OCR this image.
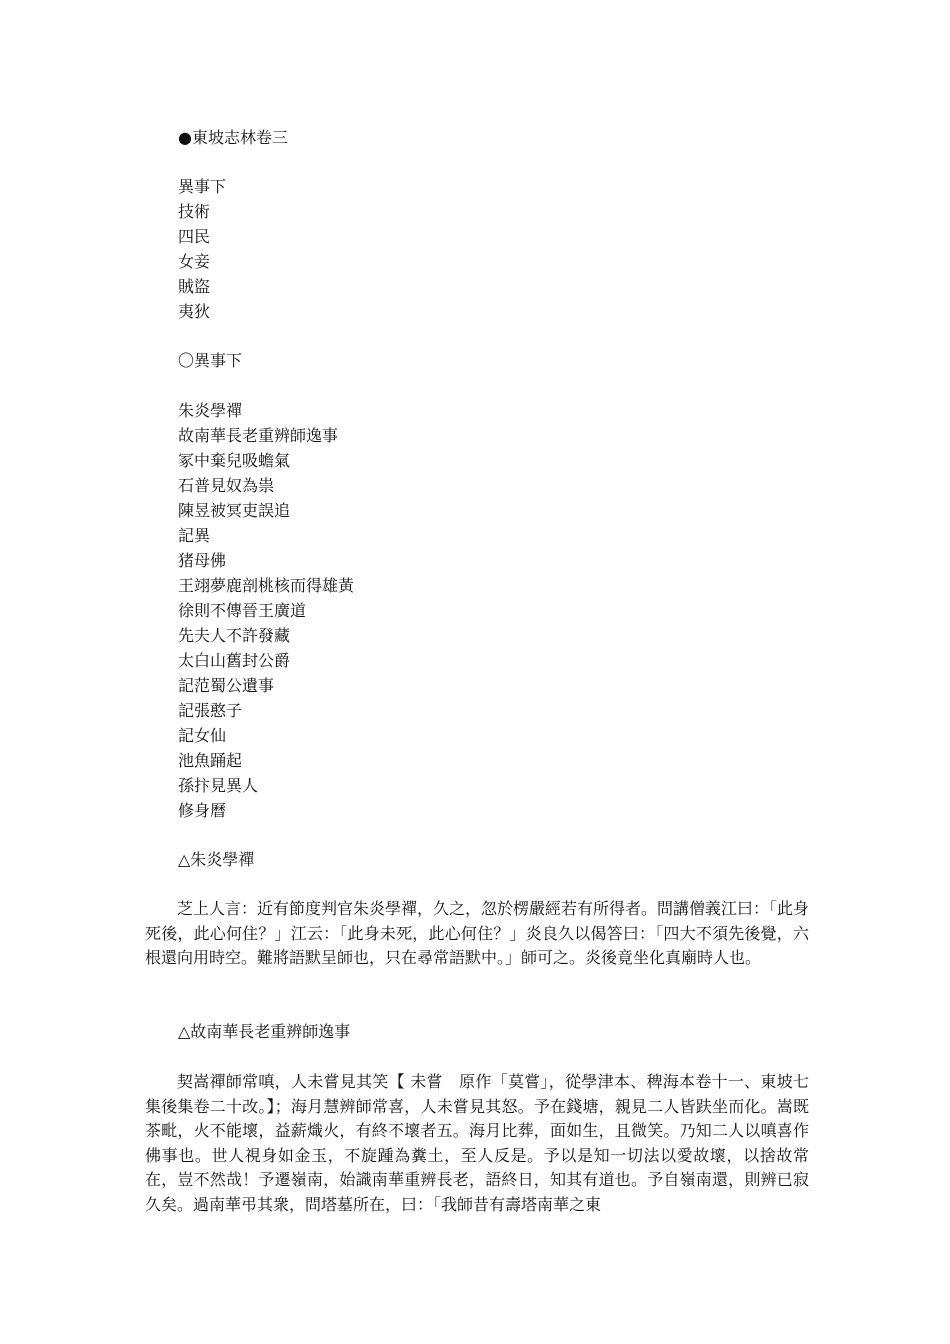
●東坡志林卷三
異事下
技術
四民
女妾
賊盜
夷狄
〇異事下
朱炎學禪
故南華長老重辨師逸事
冢中棄兒吸蟾氣
石普見奴為祟
陳昱被冥吏誤追
記異
猪母佛
王翊夢鹿剖桃核而得雄黃
徐則不傳晉王廣道
先夫人不許發藏
太白山舊封公爵
記范蜀公遺事
記張憨子
記女仙
池魚踊起
孫抃見異人
修身曆
△朱炎學禪

芝上人言：近有節度判官朱炎學禪，久之，忽於楞嚴經若有所得者。問講僧義江曰：「此身死後，此心何住？」江云：「此身未死，此心何住？」炎良久以偈答曰：「四大不須先後覺，六根還向用時空。難將語默呈師也，只在尋常語默中。」師可之。炎後竟坐化真廟時人也。

△故南華長老重辨師逸事

契嵩禪師常嗔，人未嘗見其笑【 未嘗　原作「莫嘗」，從學津本、稗海本卷十一、東坡七集後集卷二十改。】；海月慧辨師常喜，人未嘗見其怒。予在錢塘，親見二人皆趺坐而化。嵩既茶毗，火不能壞，益薪熾火，有終不壞者五。海月比葬，面如生，且微笑。乃知二人以嗔喜作佛事也。世人視身如金玉，不旋踵為糞土，至人反是。予以是知一切法以愛故壞，以捨故常在，豈不然哉！予遷嶺南，始識南華重辨長老，語終日，知其有道也。予自嶺南還，則辨已寂久矣。過南華弔其衆，問塔墓所在，曰：「我師昔有壽塔南華之東
